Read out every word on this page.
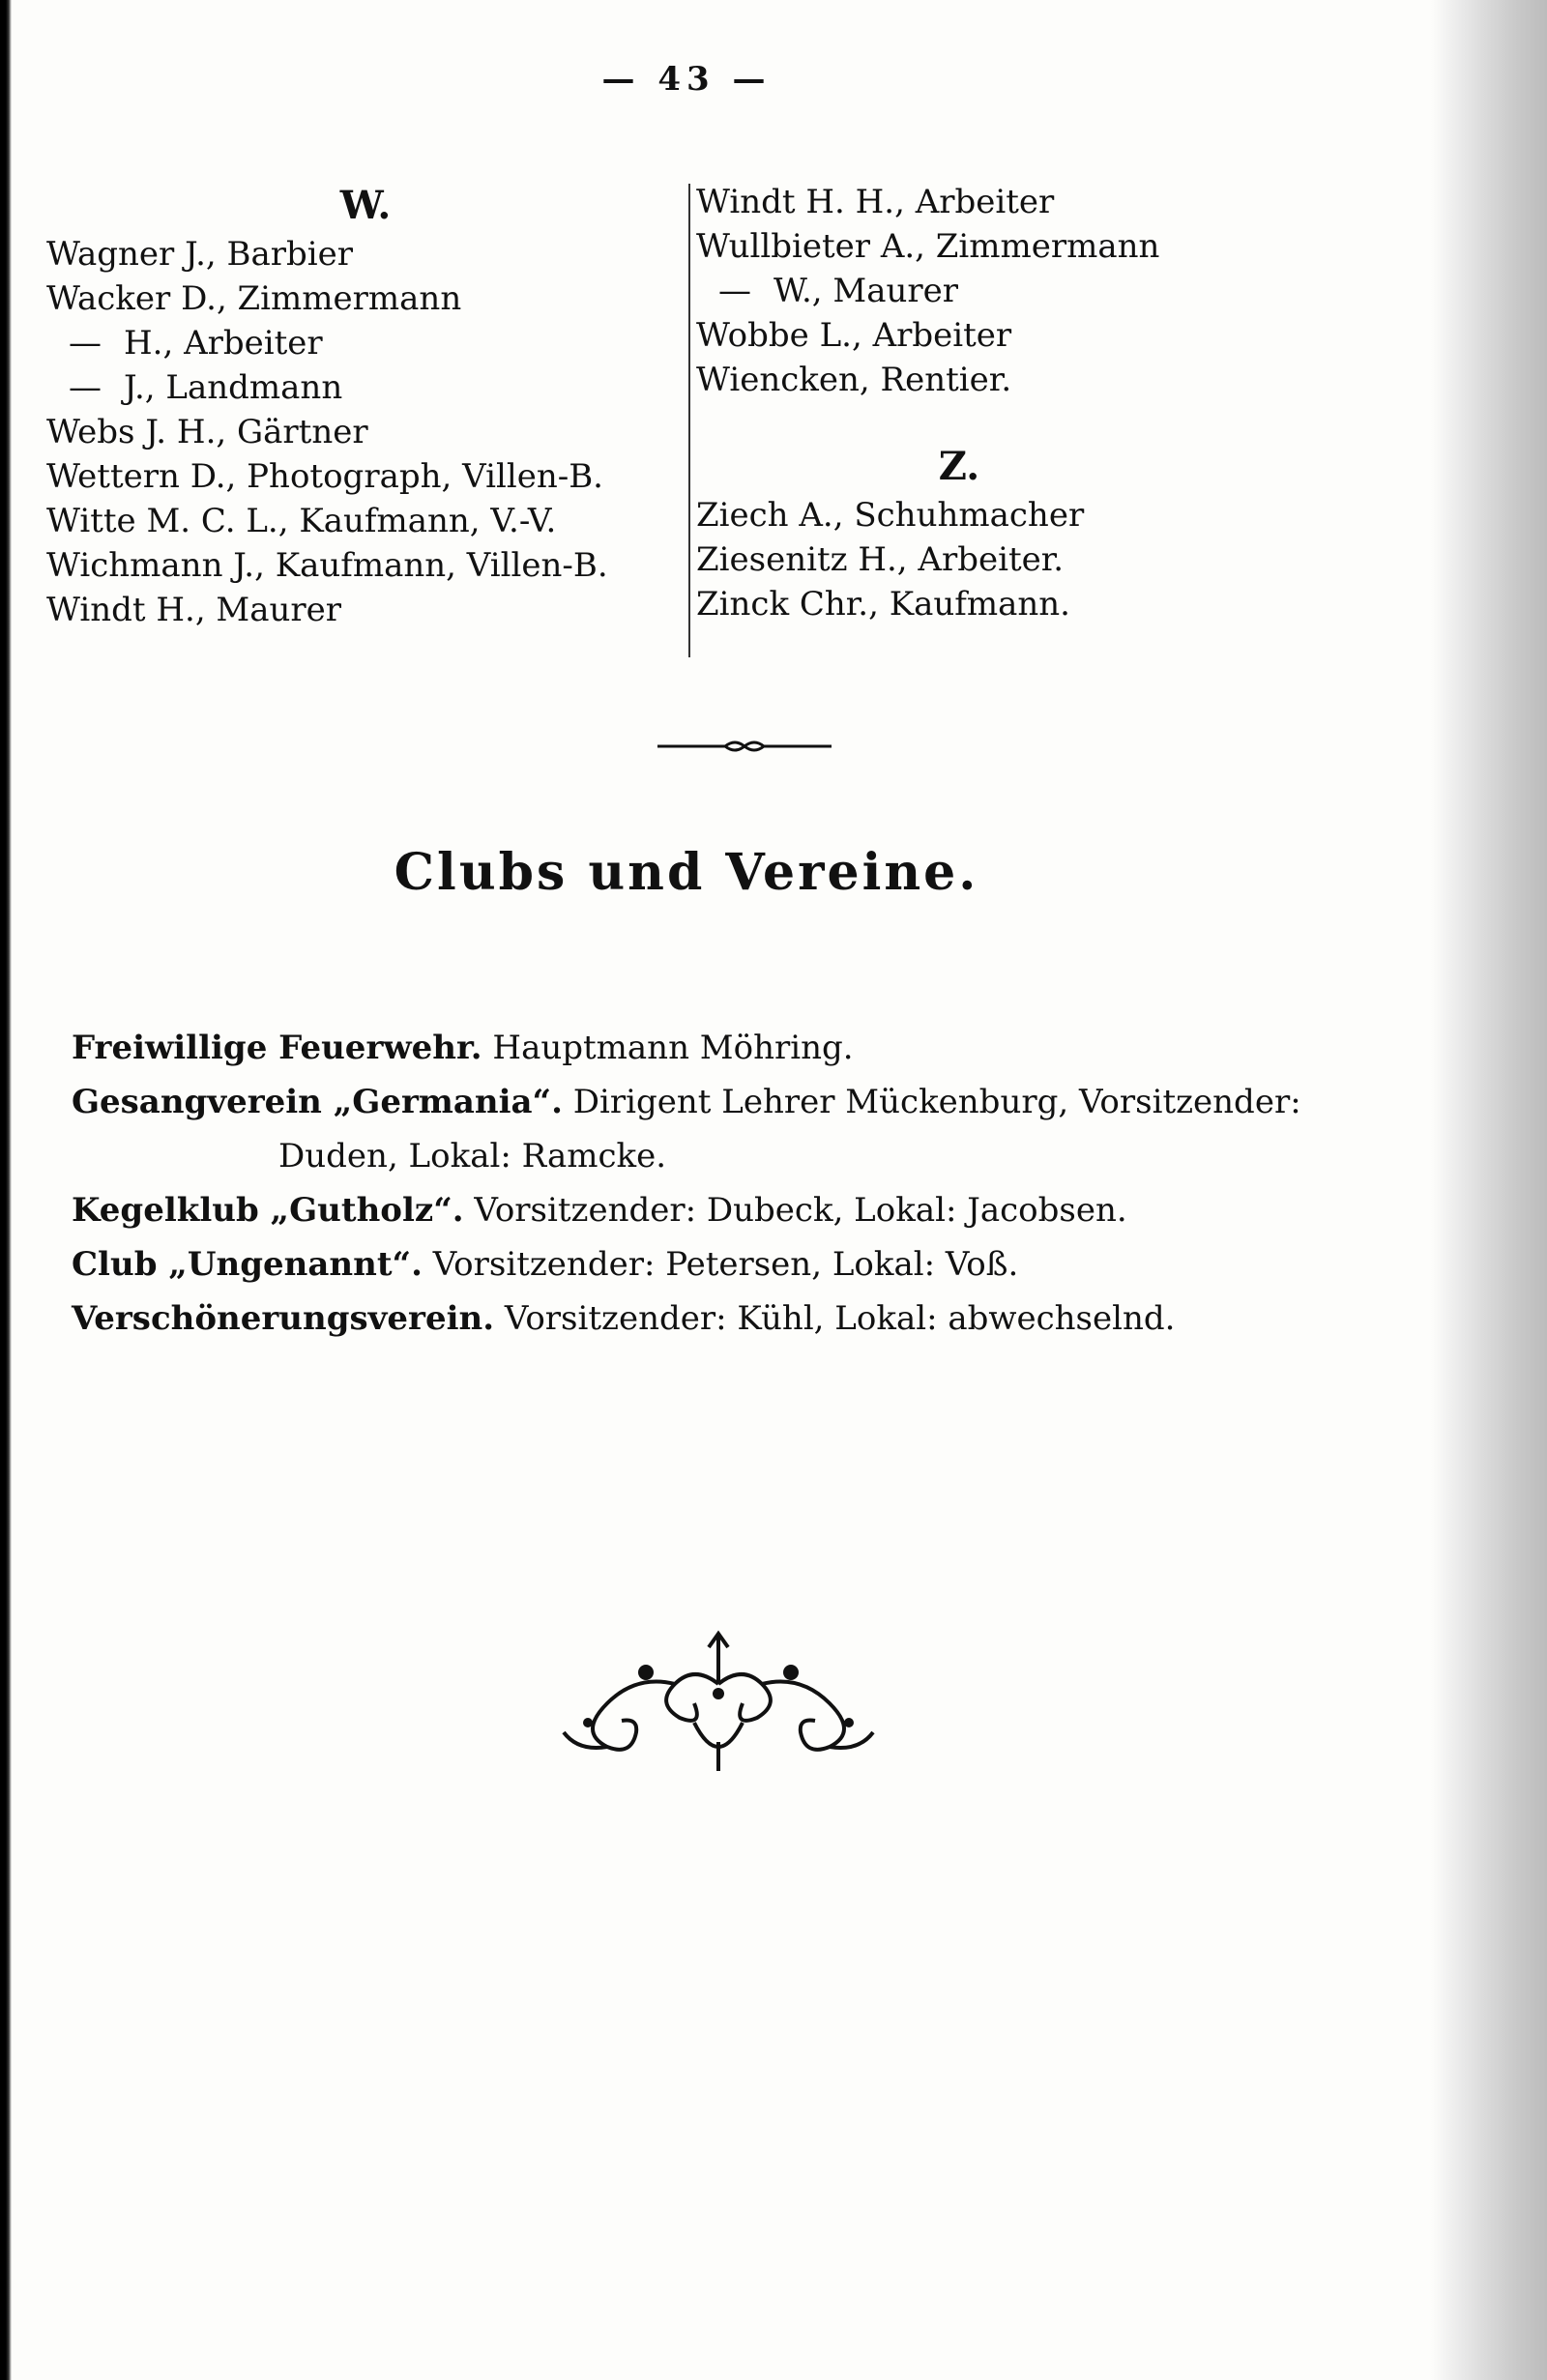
— 43 —
W.
Wagner J., Barbier
Wacker D., Zimmermann
— H., Arbeiter
— J., Landmann
Webs J. H., Gärtner
Wettern D., Photograph, Villen-B.
Witte M. C. L., Kaufmann, V.-V.
Wichmann J., Kaufmann, Villen-B.
Windt H., Maurer
Windt H. H., Arbeiter
Wullbieter A., Zimmermann
— W., Maurer
Wobbe L., Arbeiter
Wiencken, Rentier.
Z.
Ziech A., Schuhmacher
Ziesenitz H., Arbeiter.
Zinck Chr., Kaufmann.
Clubs und Vereine.
Freiwillige Feuerwehr. Hauptmann Möhring.
Gesangverein „Germania“. Dirigent Lehrer Mückenburg, Vorsitzender:
Duden, Lokal: Ramcke.
Kegelklub „Gutholz“. Vorsitzender: Dubeck, Lokal: Jacobsen.
Club „Ungenannt“. Vorsitzender: Petersen, Lokal: Voß.
Verschönerungsverein. Vorsitzender: Kühl, Lokal: abwechselnd.
